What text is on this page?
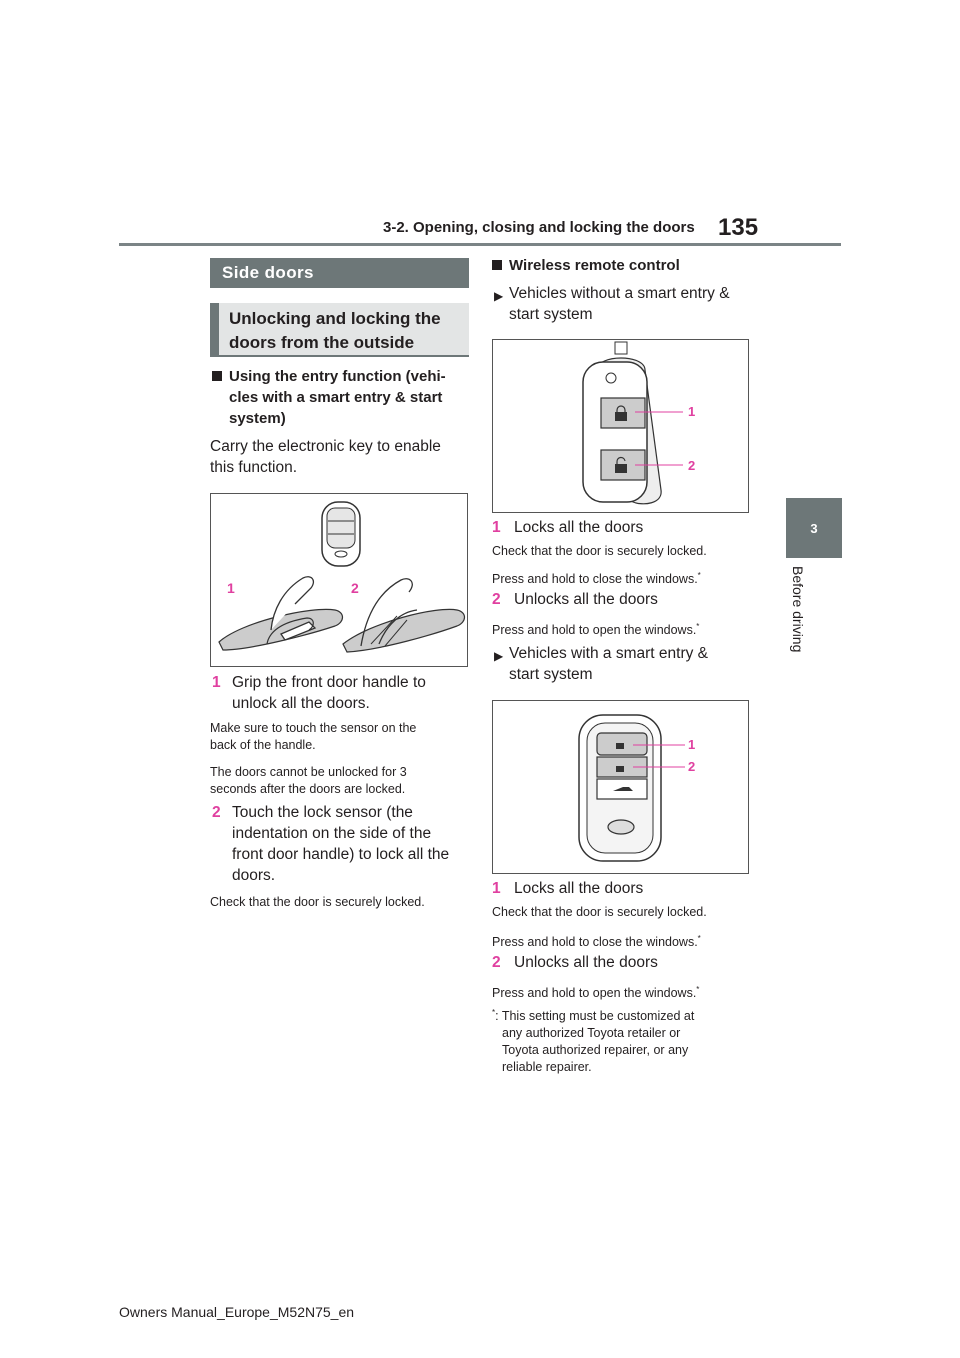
3-2. Opening, closing and locking the doors 135
3
Before driving
Side doors
Unlocking and locking the
doors from the outside
Using the entry function (vehi-
cles with a smart entry & start
system)
Carry the electronic key to enable
this function.
1	2
1 Grip the front door handle to
unlock all the doors.
Make sure to touch the sensor on the
back of the handle.
The doors cannot be unlocked for 3
seconds after the doors are locked.
2 Touch the lock sensor (the
indentation on the side of the
front door handle) to lock all the
doors.
Check that the door is securely locked.
Wireless remote control
▶ Vehicles without a smart entry &
start system
1
2
1 Locks all the doors
Check that the door is securely locked.
Press and hold to close the windows.*
2 Unlocks all the doors
Press and hold to open the windows.*
▶ Vehicles with a smart entry &
start system
1
2
1 Locks all the doors
Check that the door is securely locked.
Press and hold to close the windows.*
2 Unlocks all the doors
Press and hold to open the windows.*
*: This setting must be customized at
any authorized Toyota retailer or
Toyota authorized repairer, or any
reliable repairer.
Owners Manual_Europe_M52N75_en
